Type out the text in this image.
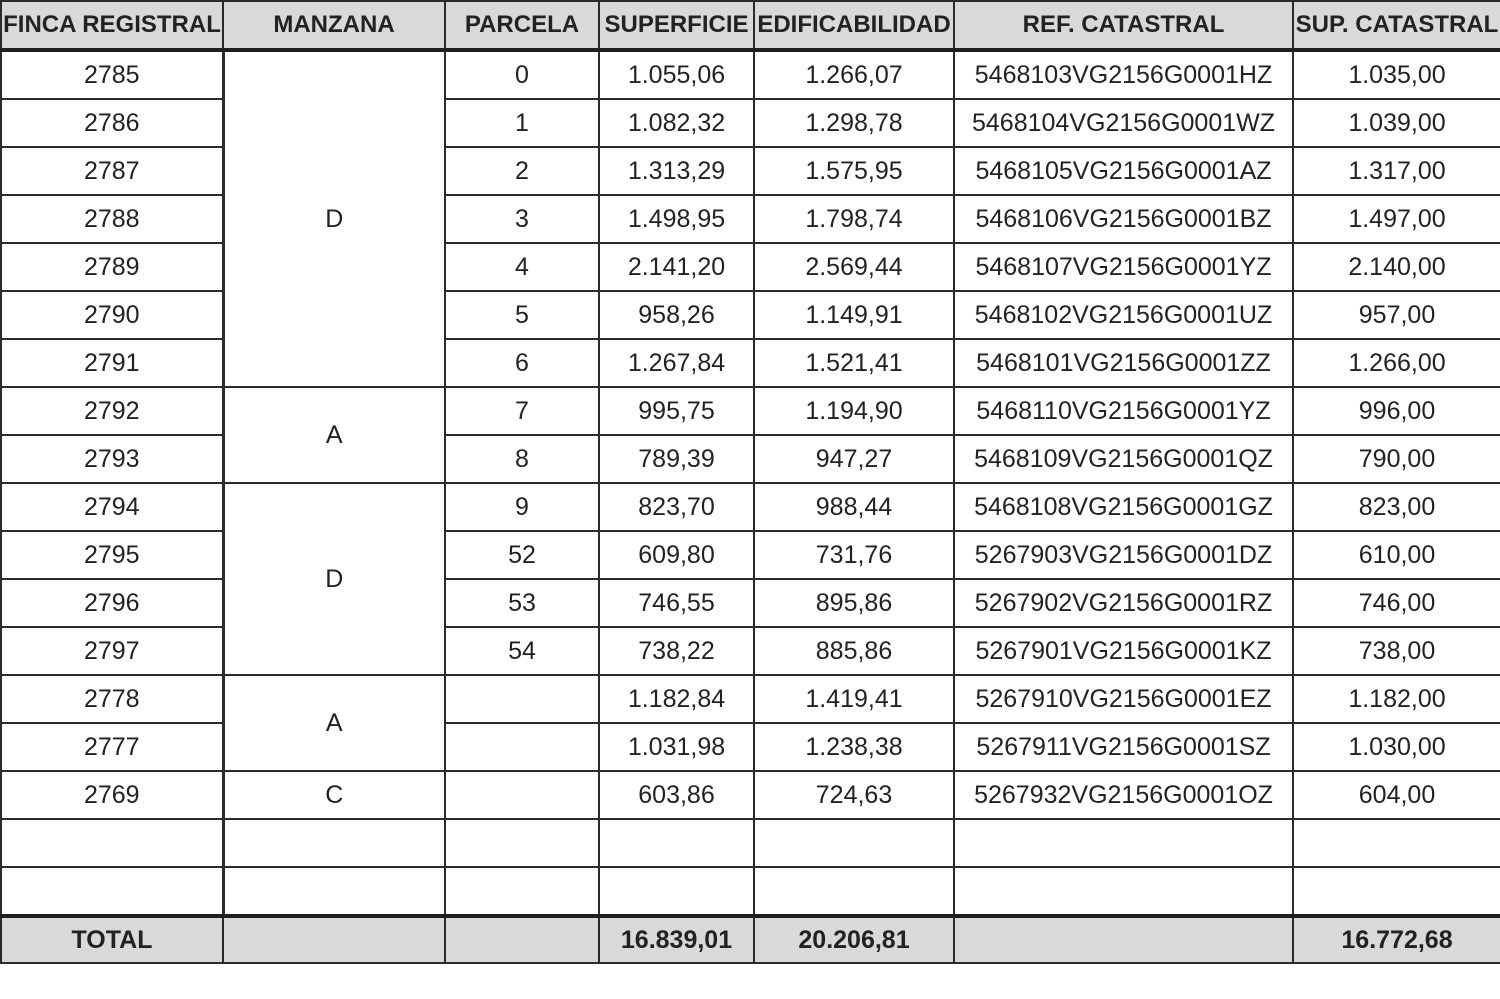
FINCA REGISTRAL	MANZANA	PARCELA	SUPERFICIE	EDIFICABILIDAD	REF. CATASTRAL	SUP. CATASTRAL
2785	D	0	1.055,06	1.266,07	5468103VG2156G0001HZ	1.035,00
2786		1	1.082,32	1.298,78	5468104VG2156G0001WZ	1.039,00
2787		2	1.313,29	1.575,95	5468105VG2156G0001AZ	1.317,00
2788		3	1.498,95	1.798,74	5468106VG2156G0001BZ	1.497,00
2789		4	2.141,20	2.569,44	5468107VG2156G0001YZ	2.140,00
2790		5	958,26	1.149,91	5468102VG2156G0001UZ	957,00
2791		6	1.267,84	1.521,41	5468101VG2156G0001ZZ	1.266,00
2792	A	7	995,75	1.194,90	5468110VG2156G0001YZ	996,00
2793		8	789,39	947,27	5468109VG2156G0001QZ	790,00
2794	D	9	823,70	988,44	5468108VG2156G0001GZ	823,00
2795		52	609,80	731,76	5267903VG2156G0001DZ	610,00
2796		53	746,55	895,86	5267902VG2156G0001RZ	746,00
2797		54	738,22	885,86	5267901VG2156G0001KZ	738,00
2778	A		1.182,84	1.419,41	5267910VG2156G0001EZ	1.182,00
2777			1.031,98	1.238,38	5267911VG2156G0001SZ	1.030,00
2769	C		603,86	724,63	5267932VG2156G0001OZ	604,00

TOTAL			16.839,01	20.206,81		16.772,68
